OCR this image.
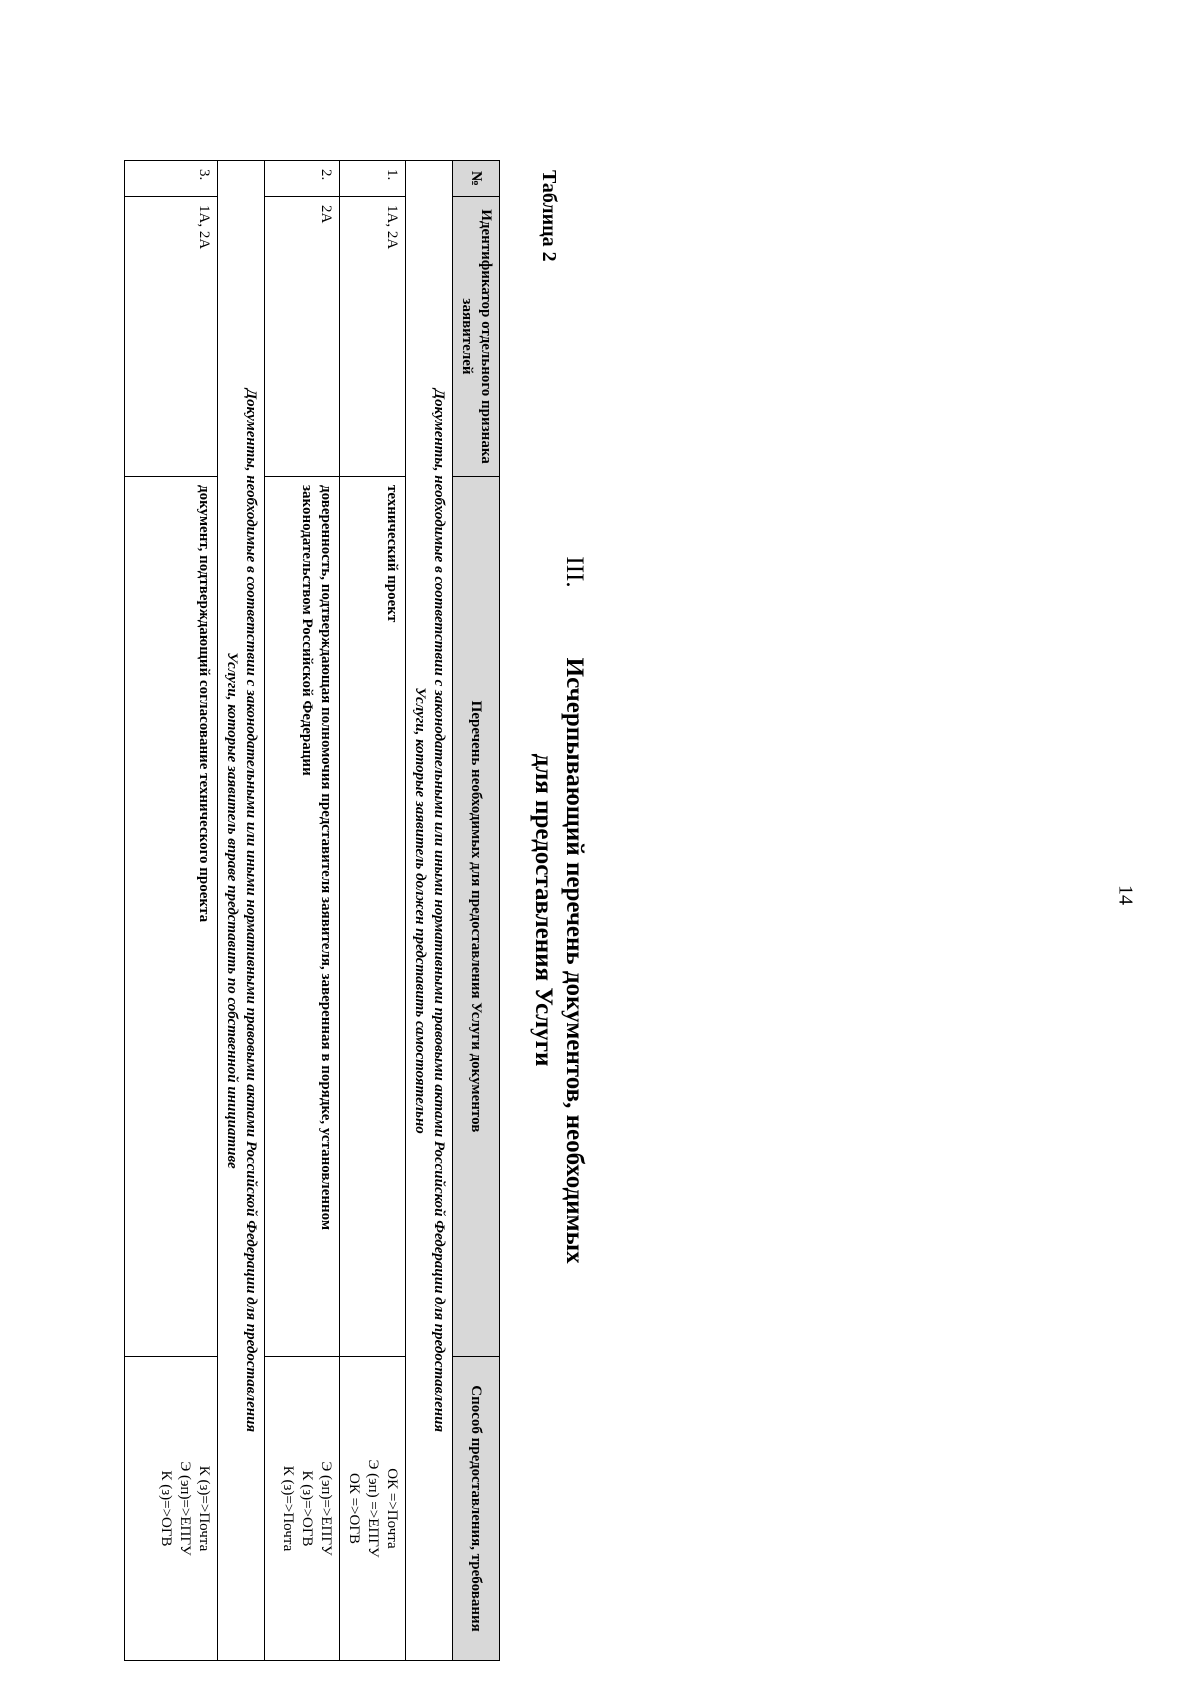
14
III.Исчерпывающий перечень документов, необходимых
для предоставления Услуги
Таблица 2
№	Идентификатор отдельного признака заявителей	Перечень необходимых для предоставления Услуги документов	Способ предоставления, требования
Документы, необходимые в соответствии с законодательными или иными нормативными правовыми актами Российской Федерации для предоставления
Услуги, которые заявитель должен представить самостоятельно			
1.	1А, 2А	технический проект	ОК =>Почта
Э (эп) =>ЕПГУ
ОК =>ОГВ

2.	2А	доверенность, подтверждающая полномочия представителя заявителя, заверенная в порядке, установленном законодательством Российской Федерации	Э (эп)=>ЕПГУ
К (з)=>ОГВ
К (з)=>Почта

Документы, необходимые в соответствии с законодательными или иными нормативными правовыми актами Российской Федерации для предоставления
Услуги, которые заявитель вправе представить по собственной инициативе			
3.	1А, 2А	документ, подтверждающий согласование технического проекта	К (з)=>Почта
Э (эп)=>ЕПГУ
К (з)=>ОГВ
